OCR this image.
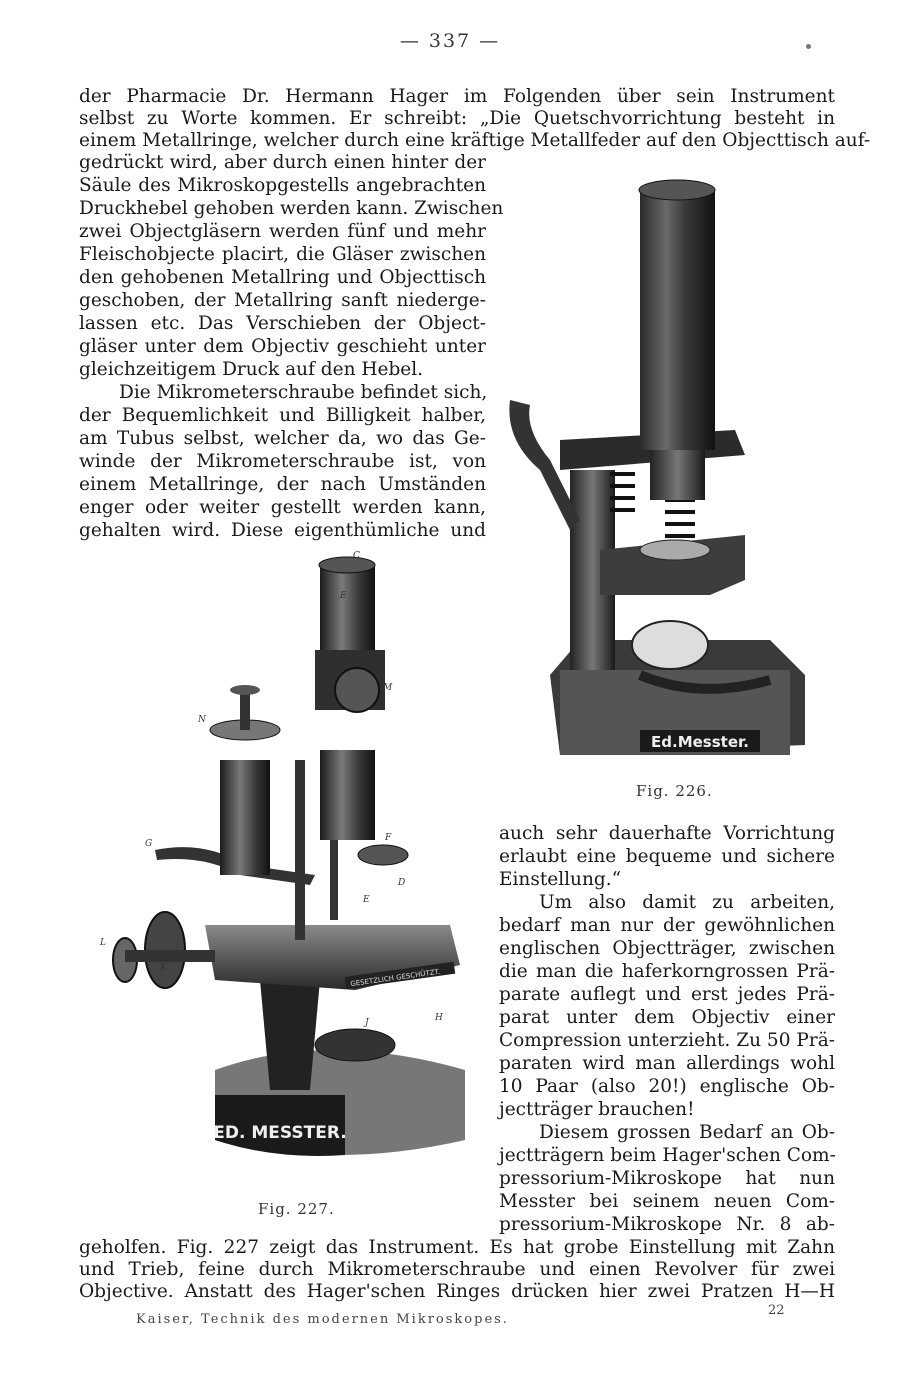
— 337 —
der Pharmacie Dr. Hermann Hager im Folgenden über sein Instrument
selbst zu Worte kommen. Er schreibt: „Die Quetschvorrichtung besteht in
einem Metallringe, welcher durch eine kräftige Metallfeder auf den Objecttisch auf-
gedrückt wird, aber durch einen hinter der
Säule des Mikroskopgestells angebrachten
Druckhebel gehoben werden kann. Zwischen
zwei Objectgläsern werden fünf und mehr
Fleischobjecte placirt, die Gläser zwischen
den gehobenen Metallring und Objecttisch
geschoben, der Metallring sanft niederge-
lassen etc. Das Verschieben der Object-
gläser unter dem Objectiv geschieht unter
gleichzeitigem Druck auf den Hebel.
Die Mikrometerschraube befindet sich,
der Bequemlichkeit und Billigkeit halber,
am Tubus selbst, welcher da, wo das Ge-
winde der Mikrometerschraube ist, von
einem Metallringe, der nach Umständen
enger oder weiter gestellt werden kann,
gehalten wird. Diese eigenthümliche und
auch sehr dauerhafte Vorrichtung
erlaubt eine bequeme und sichere
Einstellung.“
Um also damit zu arbeiten,
bedarf man nur der gewöhnlichen
englischen Objectträger, zwischen
die man die haferkorngrossen Prä-
parate auflegt und erst jedes Prä-
parat unter dem Objectiv einer
Compression unterzieht. Zu 50 Prä-
paraten wird man allerdings wohl
10 Paar (also 20!) englische Ob-
jectträger brauchen!
Diesem grossen Bedarf an Ob-
jectträgern beim Hager'schen Com-
pressorium-Mikroskope hat nun
Messter bei seinem neuen Com-
pressorium-Mikroskope Nr. 8 ab-
geholfen. Fig. 227 zeigt das Instrument. Es hat grobe Einstellung mit Zahn
und Trieb, feine durch Mikrometerschraube und einen Revolver für zwei
Objective. Anstatt des Hager'schen Ringes drücken hier zwei Pratzen H—H
Ed.Messter.
Fig. 226.
ED. MESSTER.
GESETZLICH GESCHÜTZT.
C
E
M
N
G
F
D
E
L
K
J	H
Fig. 227.
Kaiser, Technik des modernen Mikroskopes.
22
